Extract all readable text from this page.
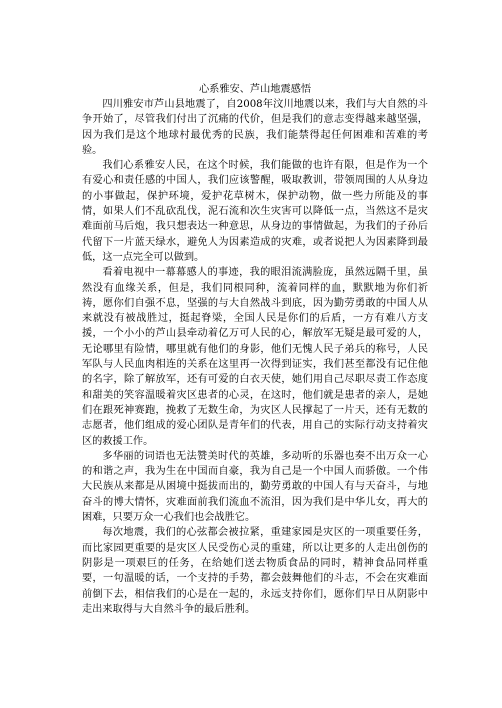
心系雅安、芦山地震感悟

四川雅安市芦山县地震了，自2008年汶川地震以来，我们与大自然的斗争开始了，尽管我们付出了沉痛的代价，但是我们的意志变得越来越坚强，因为我们是这个地球村最优秀的民族，我们能禁得起任何困难和苦难的考验。

我们心系雅安人民，在这个时候，我们能做的也许有限，但是作为一个有爱心和责任感的中国人，我们应该警醒，吸取教训，带领周围的人从身边的小事做起，保护环境，爱护花草树木，保护动物，做一些力所能及的事情，如果人们不乱砍乱伐，泥石流和次生灾害可以降低一点，当然这不是灾难面前马后炮，我只想表达一种意思，从身边的事情做起，为我们的子孙后代留下一片蓝天绿水，避免人为因素造成的灾难，或者说把人为因素降到最低，这一点完全可以做到。

看着电视中一幕幕感人的事迹，我的眼泪流满脸庞，虽然远隔千里，虽然没有血缘关系，但是，我们同根同种，流着同样的血，默默地为你们祈祷，愿你们自强不息，坚强的与大自然战斗到底，因为勤劳勇敢的中国人从来就没有被战胜过，挺起脊梁，全国人民是你们的后盾，一方有难八方支援，一个小小的芦山县牵动着亿万可人民的心，解放军无疑是最可爱的人，无论哪里有险情，哪里就有他们的身影，他们无愧人民子弟兵的称号，人民军队与人民血肉相连的关系在这里再一次得到证实，我们甚至都没有记住他的名字，除了解放军，还有可爱的白衣天使，她们用自己尽职尽责工作态度和甜美的笑容温暖着灾区患者的心灵，在这时，他们就是患者的亲人，是她们在跟死神赛跑，挽救了无数生命，为灾区人民撑起了一片天，还有无数的志愿者，他们组成的爱心团队是青年们的代表，用自己的实际行动支持着灾区的救援工作。

多华丽的词语也无法赞美时代的英雄，多动听的乐器也奏不出万众一心的和谐之声，我为生在中国而自豪，我为自己是一个中国人而骄傲。一个伟大民族从来都是从困境中挺拔而出的，勤劳勇敢的中国人有与天奋斗，与地奋斗的博大情怀，灾难面前我们流血不流泪，因为我们是中华儿女，再大的困难，只要万众一心我们也会战胜它。

每次地震，我们的心弦都会被拉紧，重建家园是灾区的一项重要任务，而比家园更重要的是灾区人民受伤心灵的重建，所以让更多的人走出创伤的阴影是一项艰巨的任务，在给她们送去物质食品的同时，精神食品同样重要，一句温暖的话，一个支持的手势，都会鼓舞他们的斗志，不会在灾难面前倒下去，相信我们的心是在一起的，永远支持你们，愿你们早日从阴影中走出来取得与大自然斗争的最后胜利。
